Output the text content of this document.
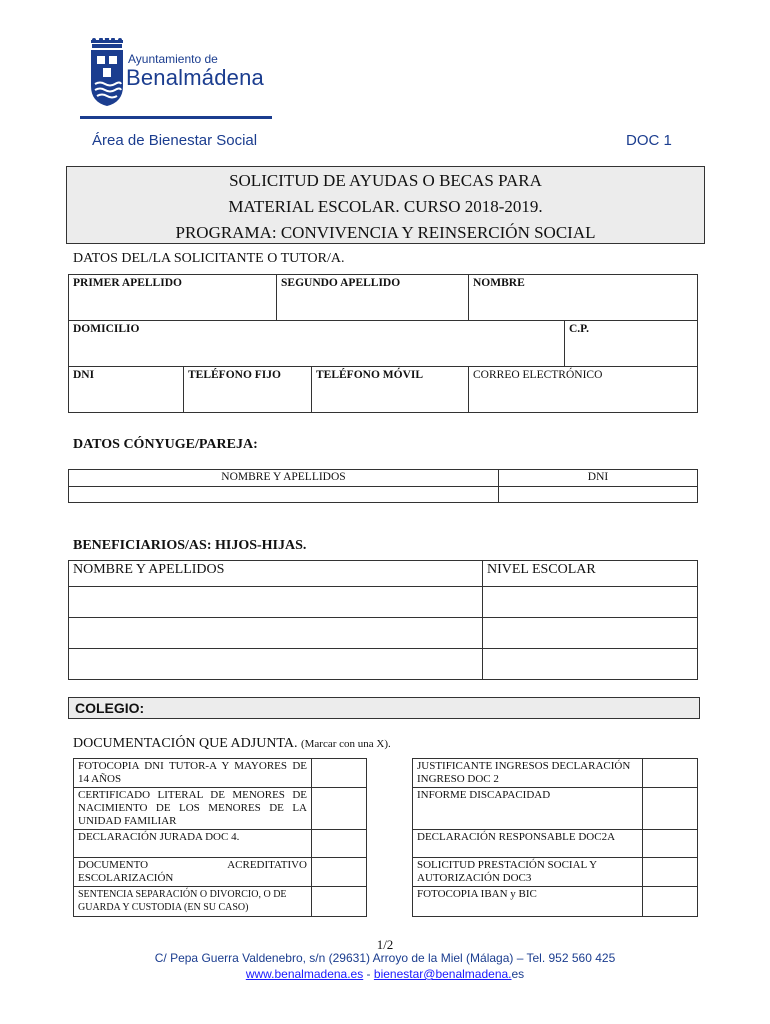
Ayuntamiento de
Benalmádena
Área de Bienestar Social	DOC 1
SOLICITUD DE AYUDAS O BECAS PARA
MATERIAL ESCOLAR. CURSO 2018-2019.
PROGRAMA: CONVIVENCIA Y REINSERCIÓN SOCIAL
DATOS DEL/LA SOLICITANTE O TUTOR/A.
PRIMER APELLIDO	SEGUNDO APELLIDO	NOMBRE
DOMICILIO	C.P.
DNI	TELÉFONO FIJO	TELÉFONO MÓVIL	CORREO ELECTRÓNICO
DATOS CÓNYUGE/PAREJA:
NOMBRE Y APELLIDOS	DNI

BENEFICIARIOS/AS: HIJOS-HIJAS.
NOMBRE Y APELLIDOS	NIVEL ESCOLAR

COLEGIO:
DOCUMENTACIÓN QUE ADJUNTA. (Marcar con una X).
FOTOCOPIA DNI TUTOR-A Y MAYORES DE 14 AÑOS	
CERTIFICADO LITERAL DE MENORES DE NACIMIENTO DE LOS MENORES DE LA UNIDAD FAMILIAR	
DECLARACIÓN JURADA DOC 4.	
DOCUMENTO ACREDITATIVO ESCOLARIZACIÓN	
SENTENCIA SEPARACIÓN O DIVORCIO, O DE GUARDA Y CUSTODIA (EN SU CASO)	
JUSTIFICANTE INGRESOS DECLARACIÓN INGRESO DOC 2	
INFORME DISCAPACIDAD	
DECLARACIÓN RESPONSABLE DOC2A	
SOLICITUD PRESTACIÓN SOCIAL Y AUTORIZACIÓN DOC3	
FOTOCOPIA IBAN y BIC	
1/2
C/ Pepa Guerra Valdenebro, s/n (29631) Arroyo de la Miel (Málaga) – Tel. 952 560 425
www.benalmadena.es - bienestar@benalmadena.es
